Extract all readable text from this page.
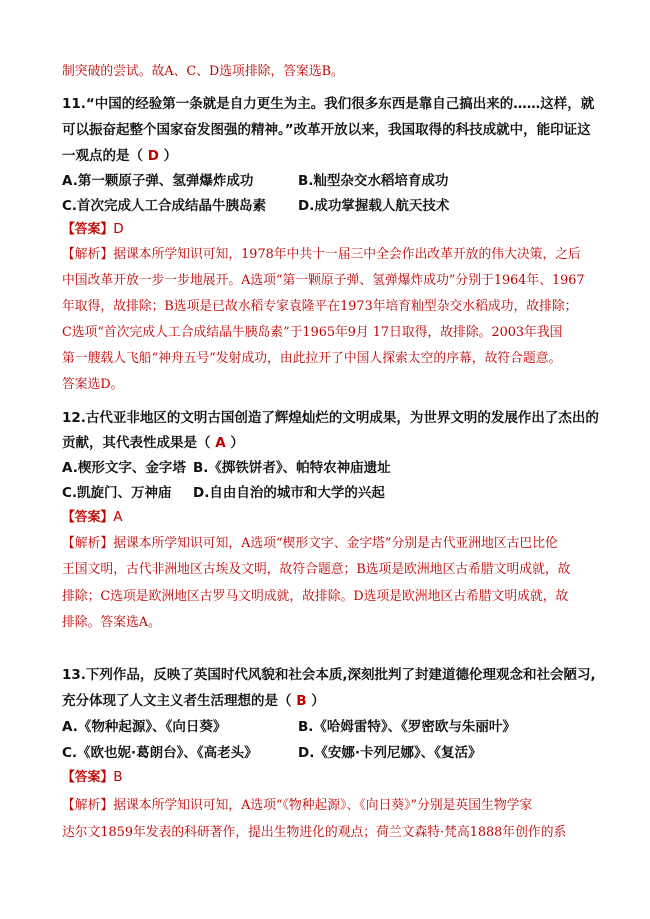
制突破的尝试。故A、C、D选项排除，答案选B。
11.“中国的经验第一条就是自力更生为主。我们很多东西是靠自己搞出来的……这样，就
可以振奋起整个国家奋发图强的精神。”改革开放以来，我国取得的科技成就中，能印证这
一观点的是（ D ）
A.第一颗原子弹、氢弹爆炸成功	B.籼型杂交水稻培育成功
C.首次完成人工合成结晶牛胰岛素 D.成功掌握载人航天技术
【答案】D
【解析】据课本所学知识可知，1978年中共十一届三中全会作出改革开放的伟大决策，之后
中国改革开放一步一步地展开。A选项“第一颗原子弹、氢弹爆炸成功”分别于1964年、1967
年取得，故排除；B选项是已故水稻专家袁隆平在1973年培育籼型杂交水稻成功，故排除；
C选项“首次完成人工合成结晶牛胰岛素”于1965年9月 17日取得，故排除。2003年我国
第一艘载人飞船“神舟五号”发射成功，由此拉开了中国人探索太空的序幕，故符合题意。
答案选D。
12.古代亚非地区的文明古国创造了辉煌灿烂的文明成果，为世界文明的发展作出了杰出的
贡献，其代表性成果是（ A ）
A.楔形文字、金字塔 B.《掷铁饼者》、帕特农神庙遗址
C.凯旋门、万神庙 D.自由自治的城市和大学的兴起
【答案】A
【解析】据课本所学知识可知，A选项“楔形文字、金字塔”分别是古代亚洲地区古巴比伦
王国文明，古代非洲地区古埃及文明，故符合题意；B选项是欧洲地区古希腊文明成就，故
排除；C选项是欧洲地区古罗马文明成就，故排除。D选项是欧洲地区古希腊文明成就，故
排除。答案选A。
13.下列作品，反映了英国时代风貌和社会本质,深刻批判了封建道德伦理观念和社会陋习,
充分体现了人文主义者生活理想的是（ B ）
A.《物种起源》、《向日葵》	B.《哈姆雷特》、《罗密欧与朱丽叶》
C.《欧也妮·葛朗台》、《高老头》	D.《安娜·卡列尼娜》、《复活》
【答案】B
【解析】据课本所学知识可知，A选项“《物种起源》、《向日葵》”分别是英国生物学家
达尔文1859年发表的科研著作，提出生物进化的观点；荷兰文森特·梵高1888年创作的系
